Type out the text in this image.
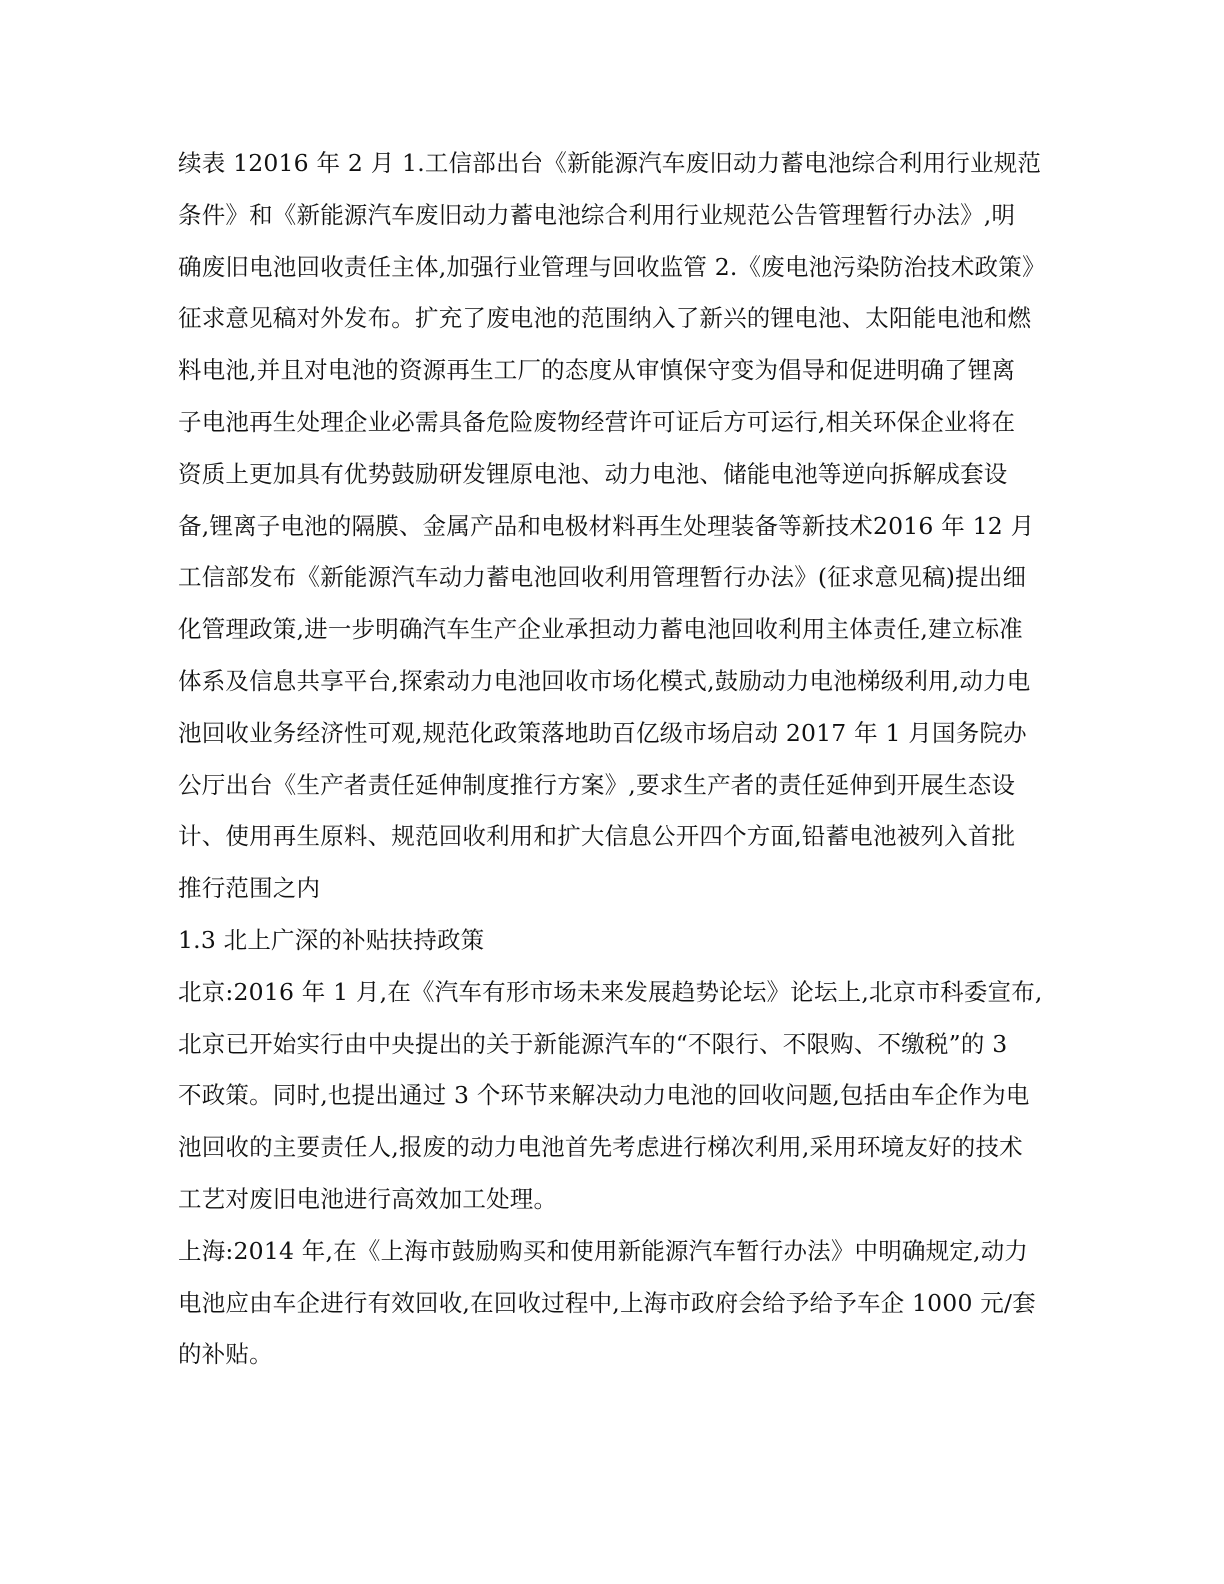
续表 12016 年 2 月 1.工信部出台《新能源汽车废旧动力蓄电池综合利用行业规范
条件》和《新能源汽车废旧动力蓄电池综合利用行业规范公告管理暂行办法》,明
确废旧电池回收责任主体,加强行业管理与回收监管 2.《废电池污染防治技术政策》
征求意见稿对外发布。扩充了废电池的范围纳入了新兴的锂电池、太阳能电池和燃
料电池,并且对电池的资源再生工厂的态度从审慎保守变为倡导和促进明确了锂离
子电池再生处理企业必需具备危险废物经营许可证后方可运行,相关环保企业将在
资质上更加具有优势鼓励研发锂原电池、动力电池、储能电池等逆向拆解成套设
备,锂离子电池的隔膜、金属产品和电极材料再生处理装备等新技术2016 年 12 月
工信部发布《新能源汽车动力蓄电池回收利用管理暂行办法》(征求意见稿)提出细
化管理政策,进一步明确汽车生产企业承担动力蓄电池回收利用主体责任,建立标准
体系及信息共享平台,探索动力电池回收市场化模式,鼓励动力电池梯级利用,动力电
池回收业务经济性可观,规范化政策落地助百亿级市场启动 2017 年 1 月国务院办
公厅出台《生产者责任延伸制度推行方案》,要求生产者的责任延伸到开展生态设
计、使用再生原料、规范回收利用和扩大信息公开四个方面,铅蓄电池被列入首批
推行范围之内
1.3 北上广深的补贴扶持政策
北京:2016 年 1 月,在《汽车有形市场未来发展趋势论坛》论坛上,北京市科委宣布,
北京已开始实行由中央提出的关于新能源汽车的“不限行、不限购、不缴税”的 3
不政策。同时,也提出通过 3 个环节来解决动力电池的回收问题,包括由车企作为电
池回收的主要责任人,报废的动力电池首先考虑进行梯次利用,采用环境友好的技术
工艺对废旧电池进行高效加工处理。
上海:2014 年,在《上海市鼓励购买和使用新能源汽车暂行办法》中明确规定,动力
电池应由车企进行有效回收,在回收过程中,上海市政府会给予给予车企 1000 元/套
的补贴。
